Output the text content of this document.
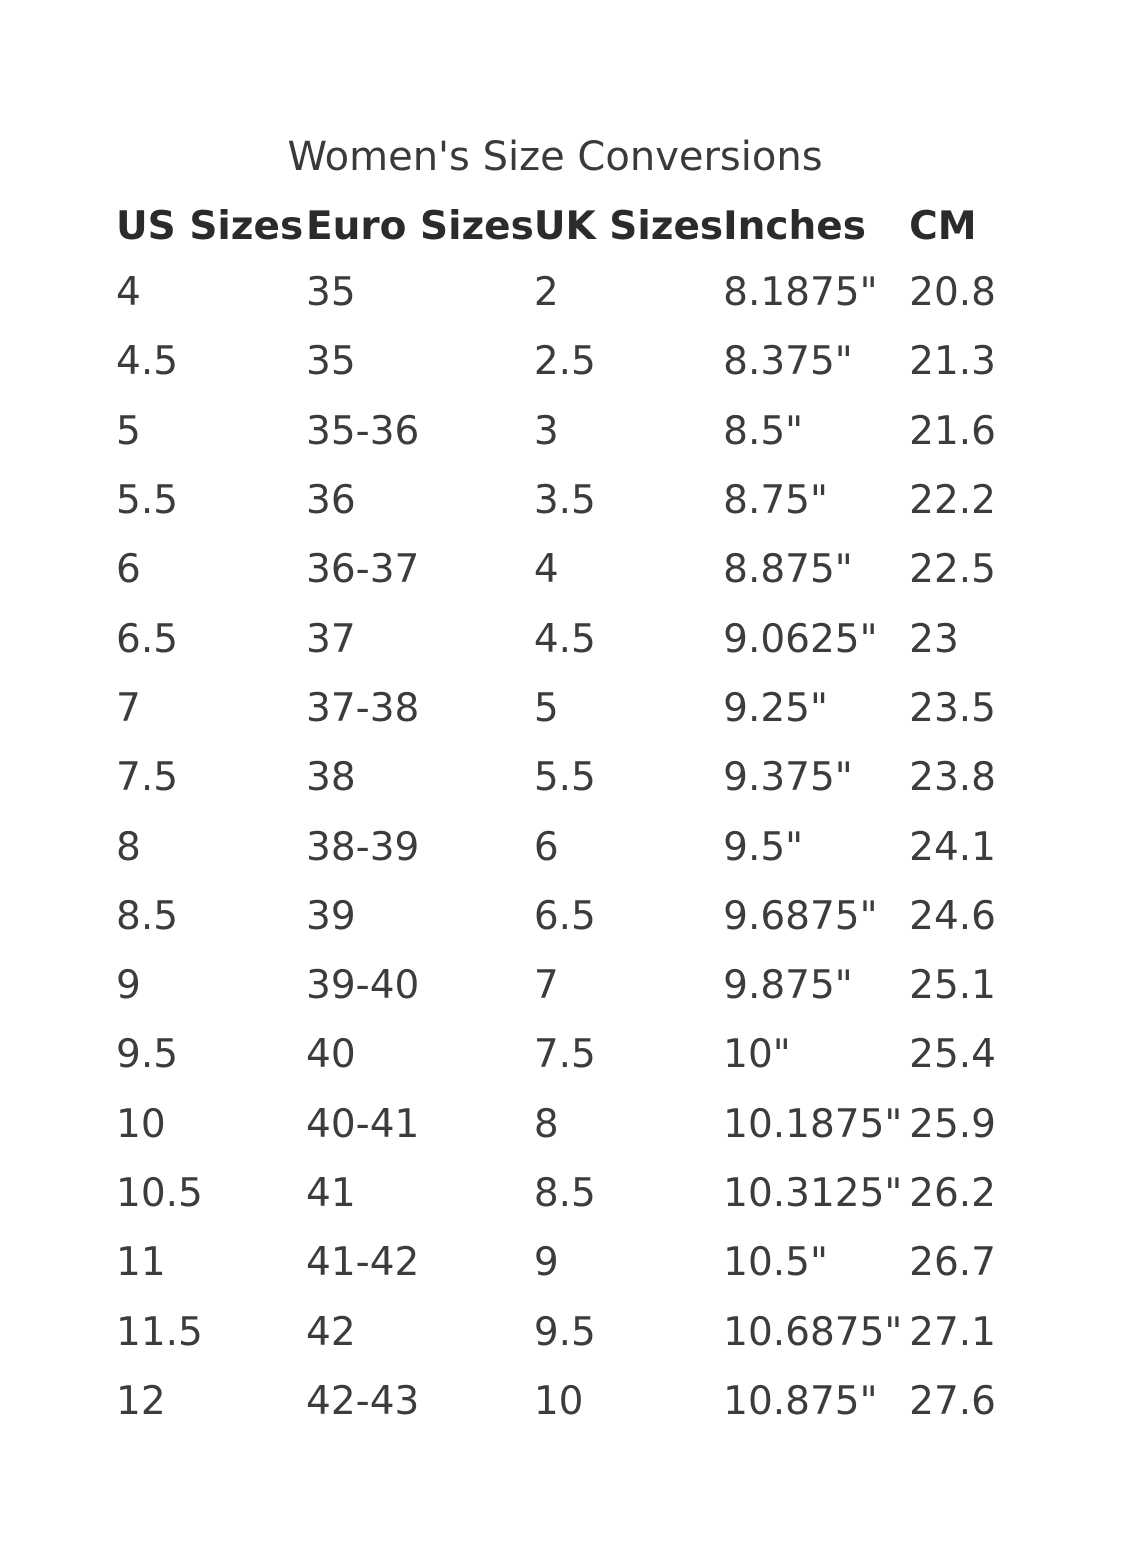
Women's Size Conversions
US Sizes	Euro Sizes	UK Sizes	Inches	CM
4	35	2	8.1875"	20.8
4.5	35	2.5	8.375"	21.3
5	35-36	3	8.5"	21.6
5.5	36	3.5	8.75"	22.2
6	36-37	4	8.875"	22.5
6.5	37	4.5	9.0625"	23
7	37-38	5	9.25"	23.5
7.5	38	5.5	9.375"	23.8
8	38-39	6	9.5"	24.1
8.5	39	6.5	9.6875"	24.6
9	39-40	7	9.875"	25.1
9.5	40	7.5	10"	25.4
10	40-41	8	10.1875"	25.9
10.5	41	8.5	10.3125"	26.2
11	41-42	9	10.5"	26.7
11.5	42	9.5	10.6875"	27.1
12	42-43	10	10.875"	27.6
